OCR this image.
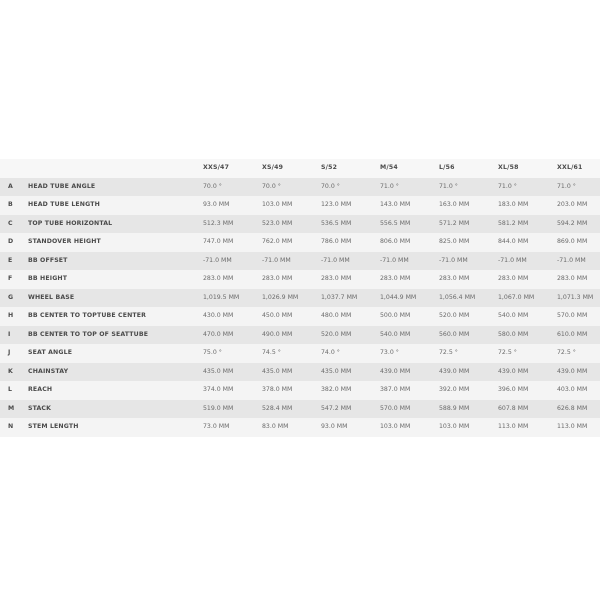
		XXS/47	XS/49	S/52	M/54	L/56	XL/58	XXL/61
A	HEAD TUBE ANGLE	70.0 °	70.0 °	70.0 °	71.0 °	71.0 °	71.0 °	71.0 °
B	HEAD TUBE LENGTH	93.0 MM	103.0 MM	123.0 MM	143.0 MM	163.0 MM	183.0 MM	203.0 MM
C	TOP TUBE HORIZONTAL	512.3 MM	523.0 MM	536.5 MM	556.5 MM	571.2 MM	581.2 MM	594.2 MM
D	STANDOVER HEIGHT	747.0 MM	762.0 MM	786.0 MM	806.0 MM	825.0 MM	844.0 MM	869.0 MM
E	BB OFFSET	-71.0 MM	-71.0 MM	-71.0 MM	-71.0 MM	-71.0 MM	-71.0 MM	-71.0 MM
F	BB HEIGHT	283.0 MM	283.0 MM	283.0 MM	283.0 MM	283.0 MM	283.0 MM	283.0 MM
G	WHEEL BASE	1,019.5 MM	1,026.9 MM	1,037.7 MM	1,044.9 MM	1,056.4 MM	1,067.0 MM	1,071.3 MM
H	BB CENTER TO TOPTUBE CENTER	430.0 MM	450.0 MM	480.0 MM	500.0 MM	520.0 MM	540.0 MM	570.0 MM
I	BB CENTER TO TOP OF SEATTUBE	470.0 MM	490.0 MM	520.0 MM	540.0 MM	560.0 MM	580.0 MM	610.0 MM
J	SEAT ANGLE	75.0 °	74.5 °	74.0 °	73.0 °	72.5 °	72.5 °	72.5 °
K	CHAINSTAY	435.0 MM	435.0 MM	435.0 MM	439.0 MM	439.0 MM	439.0 MM	439.0 MM
L	REACH	374.0 MM	378.0 MM	382.0 MM	387.0 MM	392.0 MM	396.0 MM	403.0 MM
M	STACK	519.0 MM	528.4 MM	547.2 MM	570.0 MM	588.9 MM	607.8 MM	626.8 MM
N	STEM LENGTH	73.0 MM	83.0 MM	93.0 MM	103.0 MM	103.0 MM	113.0 MM	113.0 MM
